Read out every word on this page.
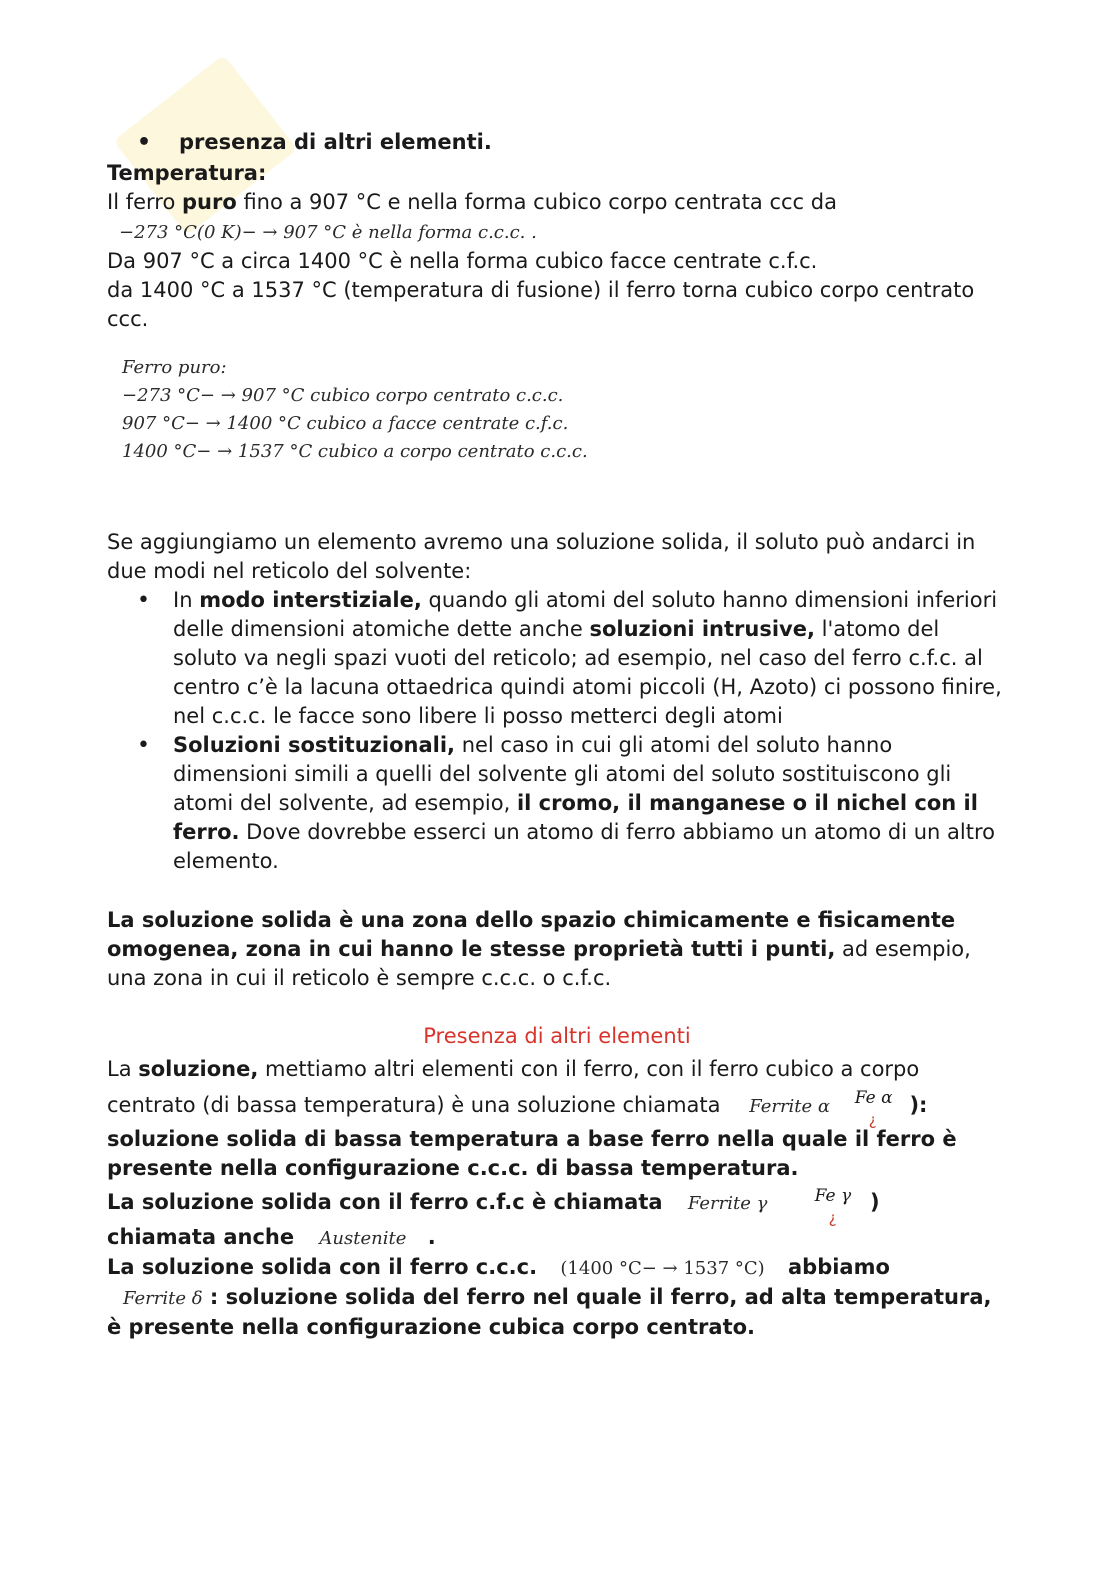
• presenza di altri elementi.

Temperatura:

Il ferro puro fino a 907 °C e nella forma cubico corpo centrata ccc da

−273 °C(0 K)− → 907 °C è nella forma c.c.c. .

Da 907 °C a circa 1400 °C è nella forma cubico facce centrate c.f.c.

da 1400 °C a 1537 °C (temperatura di fusione) il ferro torna cubico corpo centrato ccc.

Ferro puro:

−273 °C− → 907 °C cubico corpo centrato c.c.c.

907 °C− → 1400 °C cubico a facce centrate c.f.c.

1400 °C− → 1537 °C cubico a corpo centrato c.c.c.

Se aggiungiamo un elemento avremo una soluzione solida, il soluto può andarci in due modi nel reticolo del solvente:

• In modo interstiziale, quando gli atomi del soluto hanno dimensioni inferiori delle dimensioni atomiche dette anche soluzioni intrusive, l'atomo del soluto va negli spazi vuoti del reticolo; ad esempio, nel caso del ferro c.f.c. al centro c’è la lacuna ottaedrica quindi atomi piccoli (H, Azoto) ci possono finire, nel c.c.c. le facce sono libere li posso metterci degli atomi
• Soluzioni sostituzionali, nel caso in cui gli atomi del soluto hanno dimensioni simili a quelli del solvente gli atomi del soluto sostituiscono gli atomi del solvente, ad esempio, il cromo, il manganese o il nichel con il ferro. Dove dovrebbe esserci un atomo di ferro abbiamo un atomo di un altro elemento.

La soluzione solida è una zona dello spazio chimicamente e fisicamente omogenea, zona in cui hanno le stesse proprietà tutti i punti, ad esempio, una zona in cui il reticolo è sempre c.c.c. o c.f.c.

Presenza di altri elementi

La soluzione, mettiamo altri elementi con il ferro, con il ferro cubico a corpo centrato (di bassa temperatura) è una soluzione chiamata Ferrite α Fe α
¿
):

soluzione solida di bassa temperatura a base ferro nella quale il ferro è presente nella configurazione c.c.c. di bassa temperatura.

La soluzione solida con il ferro c.f.c è chiamata Ferrite γ	Fe γ
¿
)

chiamata anche Austenite .

La soluzione solida con il ferro c.c.c. (1400 °C− → 1537 °C) abbiamo

Ferrite δ : soluzione solida del ferro nel quale il ferro, ad alta temperatura, è presente nella configurazione cubica corpo centrato.
